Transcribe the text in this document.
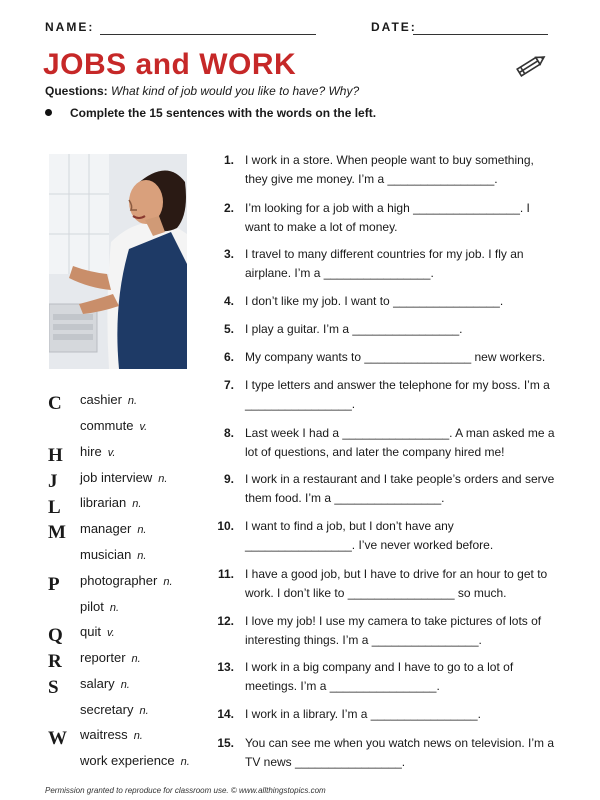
NAME:	DATE:
JOBS and WORK
Questions: What kind of job would you like to have? Why?
Complete the 15 sentences with the words on the left.
C
H
J
L
M
P
Q
R
S
W
cashier n.
commute v.
hire v.
job interview n.
librarian n.
manager n.
musician n.
photographer n.
pilot n.
quit v.
reporter n.
salary n.
secretary n.
waitress n.
work experience n.
1. I work in a store. When people want to buy something, they give me money. I’m a ________________.
2. I’m looking for a job with a high ________________. I want to make a lot of money.
3. I travel to many different countries for my job. I fly an airplane. I’m a ________________.
4. I don’t like my job. I want to ________________.
5. I play a guitar. I’m a ________________.
6. My company wants to ________________ new workers.
7. I type letters and answer the telephone for my boss. I’m a ________________.
8. Last week I had a ________________. A man asked me a lot of questions, and later the company hired me!
9. I work in a restaurant and I take people’s orders and serve them food. I’m a ________________.
10. I want to find a job, but I don’t have any ________________. I’ve never worked before.
11. I have a good job, but I have to drive for an hour to get to work. I don’t like to ________________ so much.
12. I love my job! I use my camera to take pictures of lots of interesting things. I’m a ________________.
13. I work in a big company and I have to go to a lot of meetings. I’m a ________________.
14. I work in a library. I’m a ________________.
15. You can see me when you watch news on television. I’m a TV news ________________.
Permission granted to reproduce for classroom use. © www.allthingstopics.com
